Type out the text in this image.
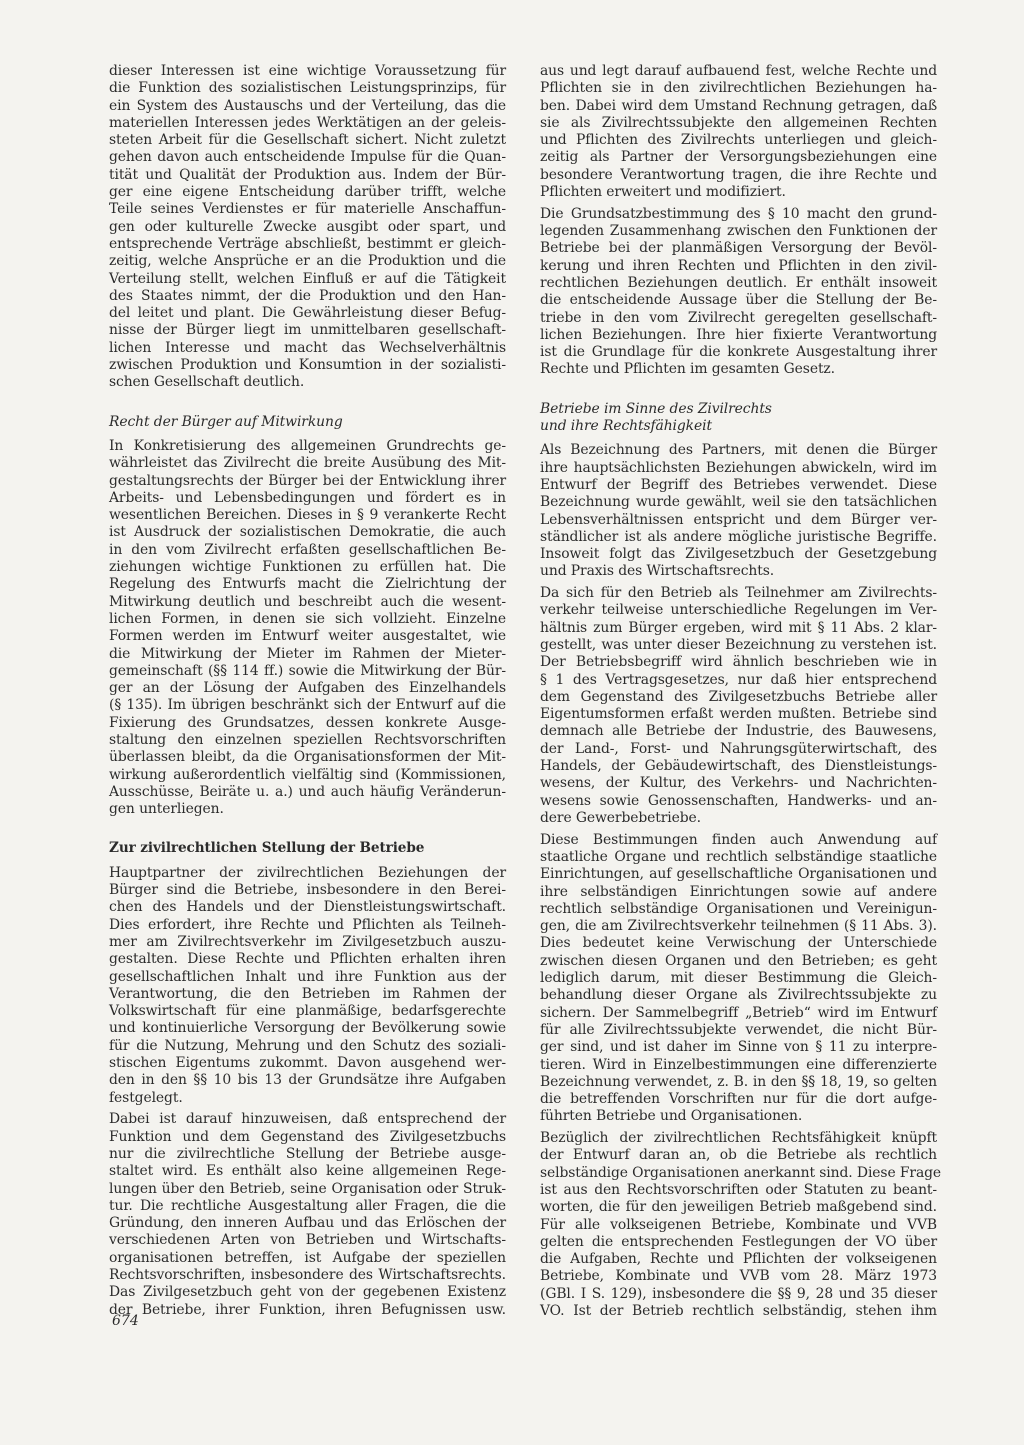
dieser Interessen ist eine wichtige Voraussetzung für
die Funktion des sozialistischen Leistungsprinzips, für
ein System des Austauschs und der Verteilung, das die
materiellen Interessen jedes Werktätigen an der geleis-
steten Arbeit für die Gesellschaft sichert. Nicht zuletzt
gehen davon auch entscheidende Impulse für die Quan-
tität und Qualität der Produktion aus. Indem der Bür-
ger eine eigene Entscheidung darüber trifft, welche
Teile seines Verdienstes er für materielle Anschaffun-
gen oder kulturelle Zwecke ausgibt oder spart, und
entsprechende Verträge abschließt, bestimmt er gleich-
zeitig, welche Ansprüche er an die Produktion und die
Verteilung stellt, welchen Einfluß er auf die Tätigkeit
des Staates nimmt, der die Produktion und den Han-
del leitet und plant. Die Gewährleistung dieser Befug-
nisse der Bürger liegt im unmittelbaren gesellschaft-
lichen Interesse und macht das Wechselverhältnis
zwischen Produktion und Konsumtion in der sozialisti-
schen Gesellschaft deutlich.
Recht der Bürger auf Mitwirkung
In Konkretisierung des allgemeinen Grundrechts ge-
währleistet das Zivilrecht die breite Ausübung des Mit-
gestaltungsrechts der Bürger bei der Entwicklung ihrer
Arbeits- und Lebensbedingungen und fördert es in
wesentlichen Bereichen. Dieses in § 9 verankerte Recht
ist Ausdruck der sozialistischen Demokratie, die auch
in den vom Zivilrecht erfaßten gesellschaftlichen Be-
ziehungen wichtige Funktionen zu erfüllen hat. Die
Regelung des Entwurfs macht die Zielrichtung der
Mitwirkung deutlich und beschreibt auch die wesent-
lichen Formen, in denen sie sich vollzieht. Einzelne
Formen werden im Entwurf weiter ausgestaltet, wie
die Mitwirkung der Mieter im Rahmen der Mieter-
gemeinschaft (§§ 114 ff.) sowie die Mitwirkung der Bür-
ger an der Lösung der Aufgaben des Einzelhandels
(§ 135). Im übrigen beschränkt sich der Entwurf auf die
Fixierung des Grundsatzes, dessen konkrete Ausge-
staltung den einzelnen speziellen Rechtsvorschriften
überlassen bleibt, da die Organisationsformen der Mit-
wirkung außerordentlich vielfältig sind (Kommissionen,
Ausschüsse, Beiräte u. a.) und auch häufig Veränderun-
gen unterliegen.
Zur zivilrechtlichen Stellung der Betriebe
Hauptpartner der zivilrechtlichen Beziehungen der
Bürger sind die Betriebe, insbesondere in den Berei-
chen des Handels und der Dienstleistungswirtschaft.
Dies erfordert, ihre Rechte und Pflichten als Teilneh-
mer am Zivilrechtsverkehr im Zivilgesetzbuch auszu-
gestalten. Diese Rechte und Pflichten erhalten ihren
gesellschaftlichen Inhalt und ihre Funktion aus der
Verantwortung, die den Betrieben im Rahmen der
Volkswirtschaft für eine planmäßige, bedarfsgerechte
und kontinuierliche Versorgung der Bevölkerung sowie
für die Nutzung, Mehrung und den Schutz des soziali-
stischen Eigentums zukommt. Davon ausgehend wer-
den in den §§ 10 bis 13 der Grundsätze ihre Aufgaben
festgelegt.
Dabei ist darauf hinzuweisen, daß entsprechend der
Funktion und dem Gegenstand des Zivilgesetzbuchs
nur die zivilrechtliche Stellung der Betriebe ausge-
staltet wird. Es enthält also keine allgemeinen Rege-
lungen über den Betrieb, seine Organisation oder Struk-
tur. Die rechtliche Ausgestaltung aller Fragen, die die
Gründung, den inneren Aufbau und das Erlöschen der
verschiedenen Arten von Betrieben und Wirtschafts-
organisationen betreffen, ist Aufgabe der speziellen
Rechtsvorschriften, insbesondere des Wirtschaftsrechts.
Das Zivilgesetzbuch geht von der gegebenen Existenz
der Betriebe, ihrer Funktion, ihren Befugnissen usw.
aus und legt darauf aufbauend fest, welche Rechte und
Pflichten sie in den zivilrechtlichen Beziehungen ha-
ben. Dabei wird dem Umstand Rechnung getragen, daß
sie als Zivilrechtssubjekte den allgemeinen Rechten
und Pflichten des Zivilrechts unterliegen und gleich-
zeitig als Partner der Versorgungsbeziehungen eine
besondere Verantwortung tragen, die ihre Rechte und
Pflichten erweitert und modifiziert.
Die Grundsatzbestimmung des § 10 macht den grund-
legenden Zusammenhang zwischen den Funktionen der
Betriebe bei der planmäßigen Versorgung der Bevöl-
kerung und ihren Rechten und Pflichten in den zivil-
rechtlichen Beziehungen deutlich. Er enthält insoweit
die entscheidende Aussage über die Stellung der Be-
triebe in den vom Zivilrecht geregelten gesellschaft-
lichen Beziehungen. Ihre hier fixierte Verantwortung
ist die Grundlage für die konkrete Ausgestaltung ihrer
Rechte und Pflichten im gesamten Gesetz.
Betriebe im Sinne des Zivilrechts
und ihre Rechtsfähigkeit
Als Bezeichnung des Partners, mit denen die Bürger
ihre hauptsächlichsten Beziehungen abwickeln, wird im
Entwurf der Begriff des Betriebes verwendet. Diese
Bezeichnung wurde gewählt, weil sie den tatsächlichen
Lebensverhältnissen entspricht und dem Bürger ver-
ständlicher ist als andere mögliche juristische Begriffe.
Insoweit folgt das Zivilgesetzbuch der Gesetzgebung
und Praxis des Wirtschaftsrechts.
Da sich für den Betrieb als Teilnehmer am Zivilrechts-
verkehr teilweise unterschiedliche Regelungen im Ver-
hältnis zum Bürger ergeben, wird mit § 11 Abs. 2 klar-
gestellt, was unter dieser Bezeichnung zu verstehen ist.
Der Betriebsbegriff wird ähnlich beschrieben wie in
§ 1 des Vertragsgesetzes, nur daß hier entsprechend
dem Gegenstand des Zivilgesetzbuchs Betriebe aller
Eigentumsformen erfaßt werden mußten. Betriebe sind
demnach alle Betriebe der Industrie, des Bauwesens,
der Land-, Forst- und Nahrungsgüterwirtschaft, des
Handels, der Gebäudewirtschaft, des Dienstleistungs-
wesens, der Kultur, des Verkehrs- und Nachrichten-
wesens sowie Genossenschaften, Handwerks- und an-
dere Gewerbebetriebe.
Diese Bestimmungen finden auch Anwendung auf
staatliche Organe und rechtlich selbständige staatliche
Einrichtungen, auf gesellschaftliche Organisationen und
ihre selbständigen Einrichtungen sowie auf andere
rechtlich selbständige Organisationen und Vereinigun-
gen, die am Zivilrechtsverkehr teilnehmen (§ 11 Abs. 3).
Dies bedeutet keine Verwischung der Unterschiede
zwischen diesen Organen und den Betrieben; es geht
lediglich darum, mit dieser Bestimmung die Gleich-
behandlung dieser Organe als Zivilrechtssubjekte zu
sichern. Der Sammelbegriff „Betrieb“ wird im Entwurf
für alle Zivilrechtssubjekte verwendet, die nicht Bür-
ger sind, und ist daher im Sinne von § 11 zu interpre-
tieren. Wird in Einzelbestimmungen eine differenzierte
Bezeichnung verwendet, z. B. in den §§ 18, 19, so gelten
die betreffenden Vorschriften nur für die dort aufge-
führten Betriebe und Organisationen.
Bezüglich der zivilrechtlichen Rechtsfähigkeit knüpft
der Entwurf daran an, ob die Betriebe als rechtlich
selbständige Organisationen anerkannt sind. Diese Frage
ist aus den Rechtsvorschriften oder Statuten zu beant-
worten, die für den jeweiligen Betrieb maßgebend sind.
Für alle volkseigenen Betriebe, Kombinate und VVB
gelten die entsprechenden Festlegungen der VO über
die Aufgaben, Rechte und Pflichten der volkseigenen
Betriebe, Kombinate und VVB vom 28. März 1973
(GBl. I S. 129), insbesondere die §§ 9, 28 und 35 dieser
VO. Ist der Betrieb rechtlich selbständig, stehen ihm
674
